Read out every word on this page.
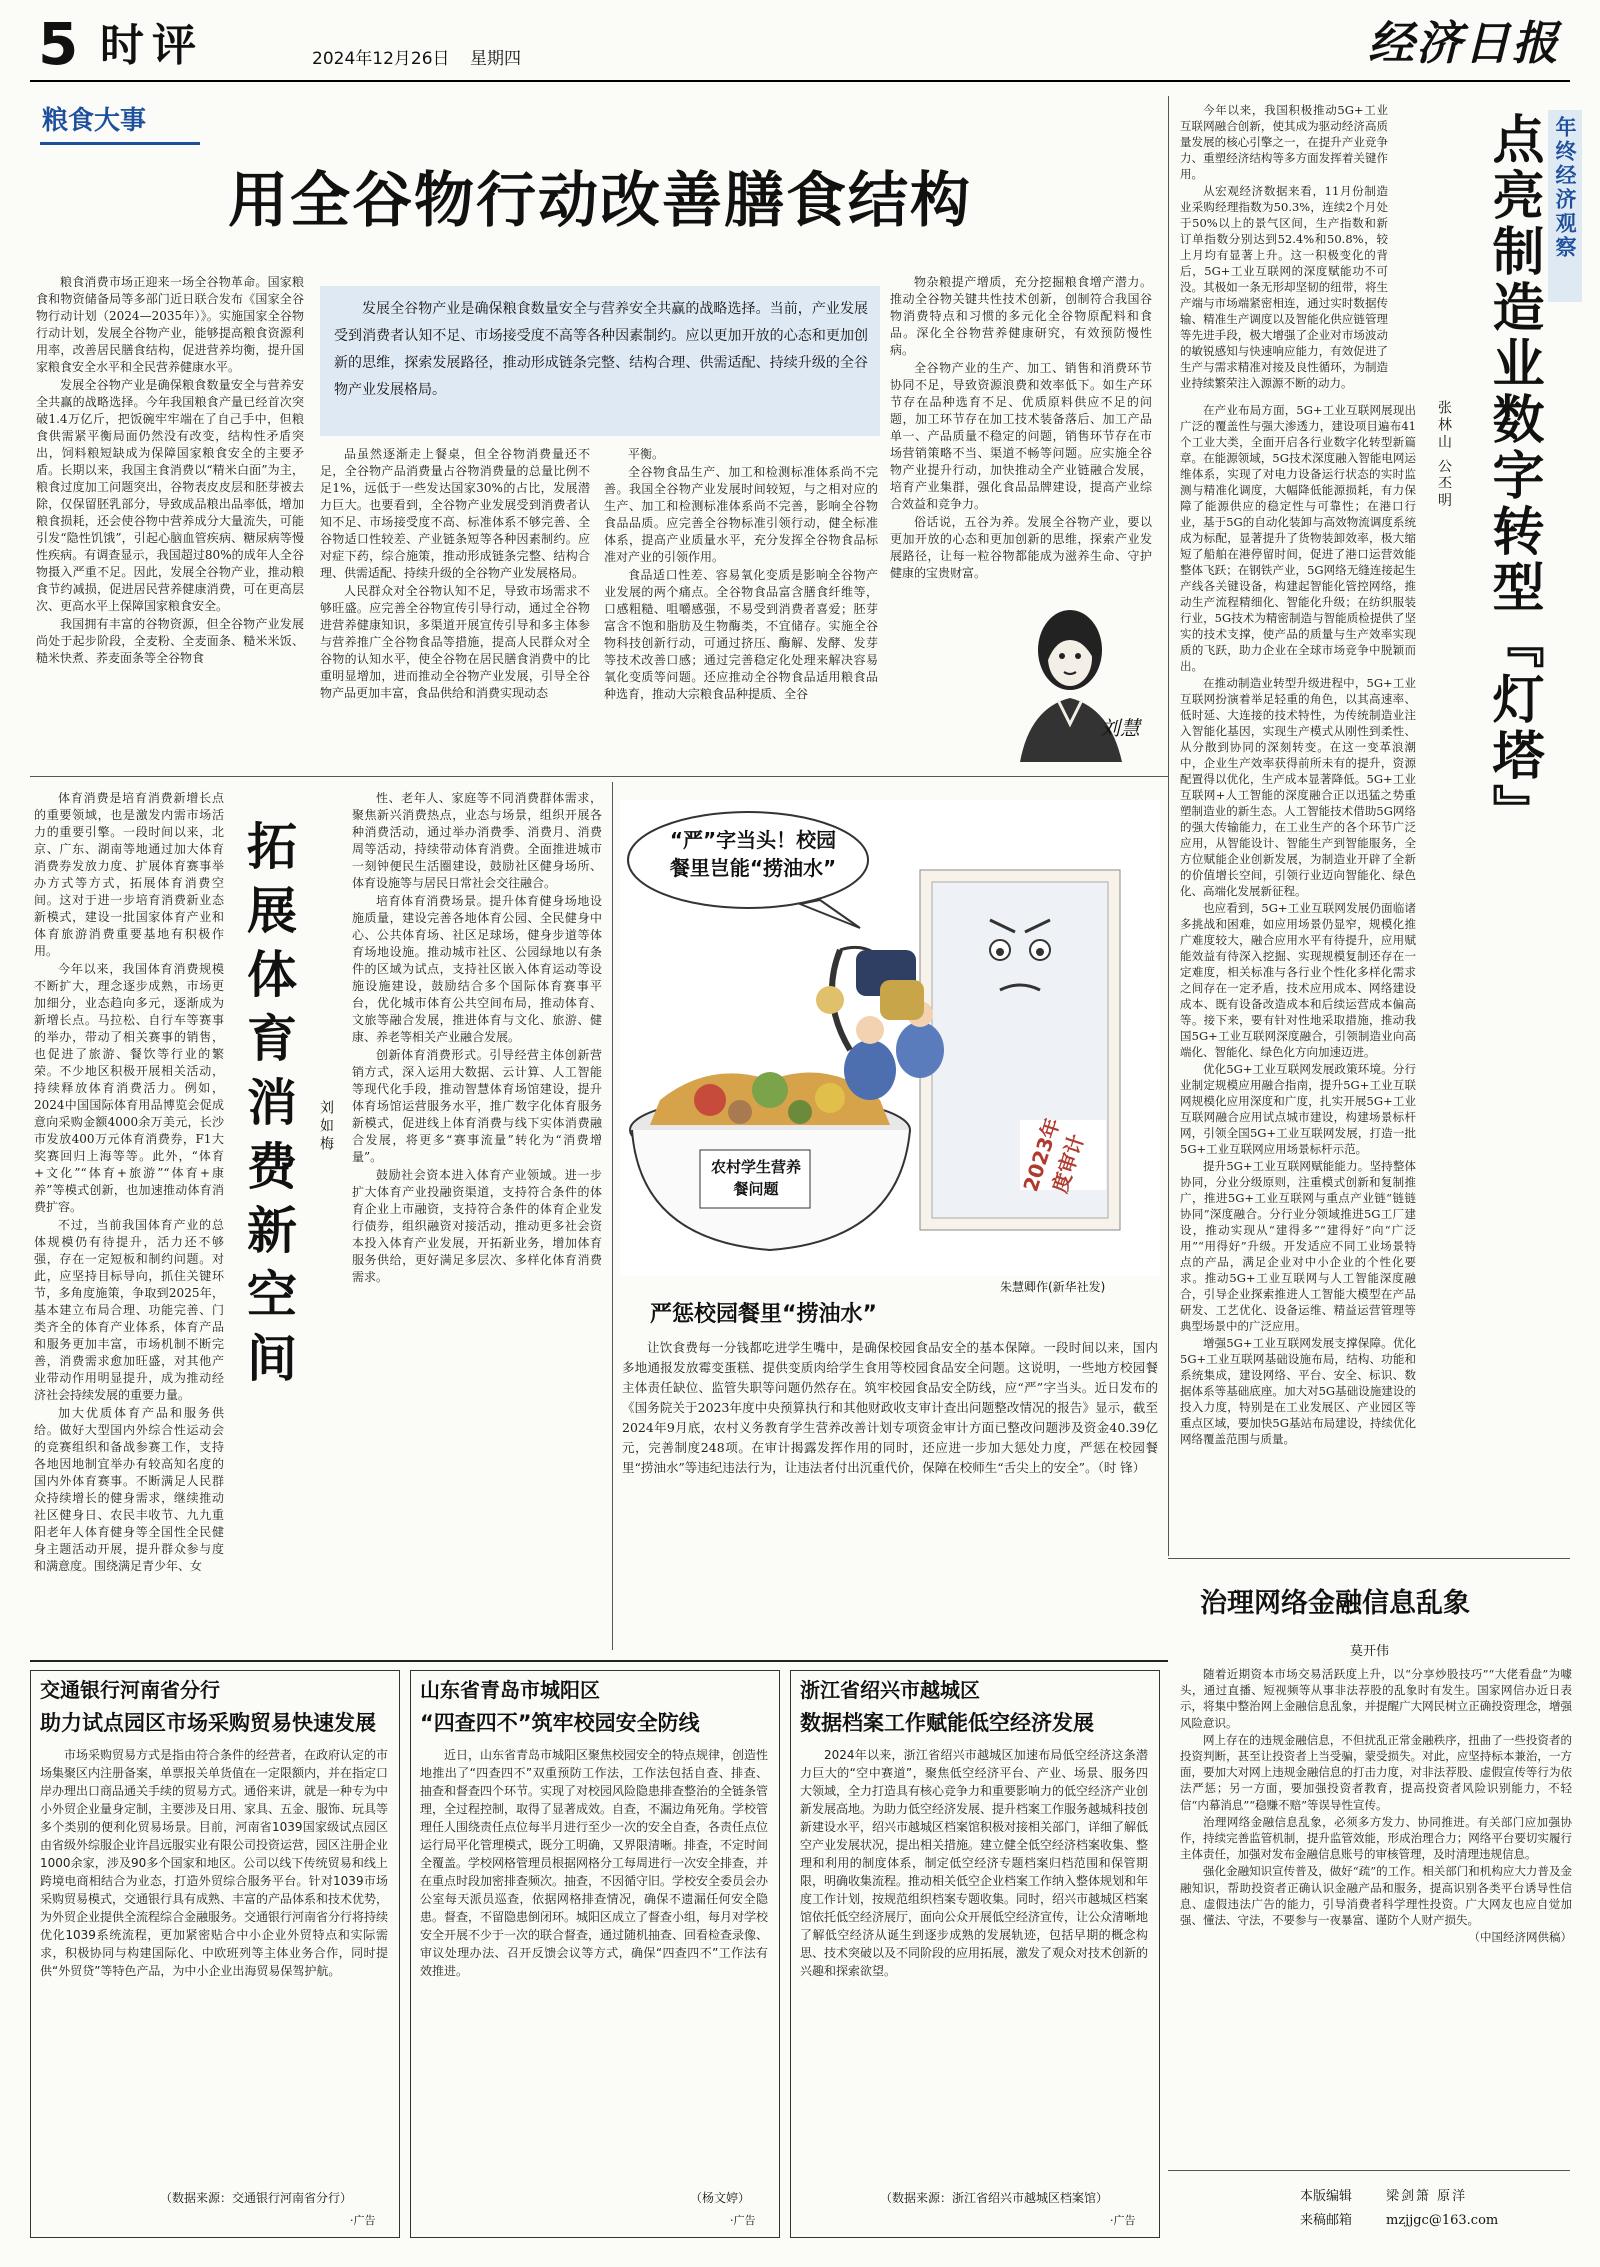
5 时评	2024年12月26日 星期四	经济日报
粮食大事
用全谷物行动改善膳食结构
发展全谷物产业是确保粮食数量安全与营养安全共赢的战略选择。当前，产业发展受到消费者认知不足、市场接受度不高等各种因素制约。应以更加开放的心态和更加创新的思维，探索发展路径，推动形成链条完整、结构合理、供需适配、持续升级的全谷物产业发展格局。

粮食消费市场正迎来一场全谷物革命。国家粮食和物资储备局等多部门近日联合发布《国家全谷物行动计划（2024—2035年）》。实施国家全谷物行动计划，发展全谷物产业，能够提高粮食资源利用率，改善居民膳食结构，促进营养均衡，提升国家粮食安全水平和全民营养健康水平。

发展全谷物产业是确保粮食数量安全与营养安全共赢的战略选择。今年我国粮食产量已经首次突破1.4万亿斤，把饭碗牢牢端在了自己手中，但粮食供需紧平衡局面仍然没有改变，结构性矛盾突出，饲料粮短缺成为保障国家粮食安全的主要矛盾。长期以来，我国主食消费以“精米白面”为主，粮食过度加工问题突出，谷物表皮皮层和胚芽被去除，仅保留胚乳部分，导致成品粮出品率低，增加粮食损耗，还会使谷物中营养成分大量流失，可能引发“隐性饥饿”，引起心脑血管疾病、糖尿病等慢性疾病。有调查显示，我国超过80%的成年人全谷物摄入严重不足。因此，发展全谷物产业，推动粮食节约减损，促进居民营养健康消费，可在更高层次、更高水平上保障国家粮食安全。

我国拥有丰富的谷物资源，但全谷物产业发展尚处于起步阶段，全麦粉、全麦面条、糙米米饭、糙米快煮、荞麦面条等全谷物食

品虽然逐渐走上餐桌，但全谷物消费量还不足，全谷物产品消费量占谷物消费量的总量比例不足1%，远低于一些发达国家30%的占比，发展潜力巨大。也要看到，全谷物产业发展受到消费者认知不足、市场接受度不高、标准体系不够完善、全谷物适口性较差、产业链条短等各种因素制约。应对症下药，综合施策，推动形成链条完整、结构合理、供需适配、持续升级的全谷物产业发展格局。

人民群众对全谷物认知不足，导致市场需求不够旺盛。应完善全谷物宣传引导行动，通过全谷物进营养健康知识，多渠道开展宣传引导和多主体参与营养推广全谷物食品等措施，提高人民群众对全谷物的认知水平，使全谷物在居民膳食消费中的比重明显增加，进而推动全谷物产业发展，引导全谷物产品更加丰富，食品供给和消费实现动态

平衡。

全谷物食品生产、加工和检测标准体系尚不完善。我国全谷物产业发展时间较短，与之相对应的生产、加工和检测标准体系尚不完善，影响全谷物食品品质。应完善全谷物标准引领行动，健全标准体系，提高产业质量水平，充分发挥全谷物食品标准对产业的引领作用。

食品适口性差、容易氧化变质是影响全谷物产业发展的两个痛点。全谷物食品富含膳食纤维等，口感粗糙、咀嚼感强，不易受到消费者喜爱；胚芽富含不饱和脂肪及生物酶类，不宜储存。实施全谷物科技创新行动，可通过挤压、酶解、发酵、发芽等技术改善口感；通过完善稳定化处理来解决容易氧化变质等问题。还应推动全谷物食品适用粮食品种选育，推动大宗粮食品种提质、全谷

物杂粮提产增质，充分挖掘粮食增产潜力。推动全谷物关键共性技术创新，创制符合我国谷物消费特点和习惯的多元化全谷物原配料和食品。深化全谷物营养健康研究，有效预防慢性病。

全谷物产业的生产、加工、销售和消费环节协同不足，导致资源浪费和效率低下。如生产环节存在品种选育不足、优质原料供应不足的问题，加工环节存在加工技术装备落后、加工产品单一、产品质量不稳定的问题，销售环节存在市场营销策略不当、渠道不畅等问题。应实施全谷物产业提升行动，加快推动全产业链融合发展，培育产业集群，强化食品品牌建设，提高产业综合效益和竞争力。

俗话说，五谷为养。发展全谷物产业，要以更加开放的心态和更加创新的思维，探索产业发展路径，让每一粒谷物都能成为滋养生命、守护健康的宝贵财富。

刘慧

今年以来，我国积极推动5G+工业互联网融合创新，使其成为驱动经济高质量发展的核心引擎之一，在提升产业竞争力、重塑经济结构等多方面发挥着关键作用。

从宏观经济数据来看，11月份制造业采购经理指数为50.3%，连续2个月处于50%以上的景气区间，生产指数和新订单指数分别达到52.4%和50.8%，较上月均有显著上升。这一积极变化的背后，5G+工业互联网的深度赋能功不可没。其极如一条无形却坚韧的纽带，将生产端与市场端紧密相连，通过实时数据传输、精准生产调度以及智能化供应链管理等先进手段，极大增强了企业对市场波动的敏锐感知与快速响应能力，有效促进了生产与需求精准对接及良性循环，为制造业持续繁荣注入源源不断的动力。	点亮制造业数字转型『灯塔』 年终经济观察
张林山 公丕明

在产业布局方面，5G+工业互联网展现出广泛的覆盖性与强大渗透力，建设项目遍布41个工业大类，全面开启各行业数字化转型新篇章。在能源领域，5G技术深度融入智能电网运维体系，实现了对电力设备运行状态的实时监测与精准化调度，大幅降低能源损耗，有力保障了能源供应的稳定性与可靠性；在港口行业，基于5G的自动化装卸与高效物流调度系统成为标配，显著提升了货物装卸效率，极大缩短了船舶在港停留时间，促进了港口运营效能整体飞跃；在钢铁产业，5G网络无缝连接起生产线各关键设备，构建起智能化管控网络，推动生产流程精细化、智能化升级；在纺织服装行业，5G技术为精密制造与智能质检提供了坚实的技术支撑，使产品的质量与生产效率实现质的飞跃，助力企业在全球市场竞争中脱颖而出。

在推动制造业转型升级进程中，5G+工业互联网扮演着举足轻重的角色，以其高速率、低时延、大连接的技术特性，为传统制造业注入智能化基因，实现生产模式从刚性到柔性、从分散到协同的深刻转变。在这一变革浪潮中，企业生产效率获得前所未有的提升，资源配置得以优化，生产成本显著降低。5G+工业互联网+人工智能的深度融合正以迅猛之势重塑制造业的新生态。人工智能技术借助5G网络的强大传输能力，在工业生产的各个环节广泛应用，从智能设计、智能生产到智能服务，全方位赋能企业创新发展，为制造业开辟了全新的价值增长空间，引领行业迈向智能化、绿色化、高端化发展新征程。

也应看到，5G+工业互联网发展仍面临诸多挑战和困难，如应用场景仍显窄，规模化推广难度较大，融合应用水平有待提升，应用赋能效益有待深入挖掘、实现规模复制还存在一定难度，相关标准与各行业个性化多样化需求之间存在一定矛盾，技术应用成本、网络建设成本、既有设备改造成本和后续运营成本偏高等。接下来，要有针对性地采取措施，推动我国5G+工业互联网深度融合，引领制造业向高端化、智能化、绿色化方向加速迈进。

优化5G+工业互联网发展政策环境。分行业制定规模应用融合指南，提升5G+工业互联网规模化应用深度和广度，扎实开展5G+工业互联网融合应用试点城市建设，构建场景标杆网，引领全国5G+工业互联网发展，打造一批5G+工业互联网应用场景标杆示范。

提升5G+工业互联网赋能能力。坚持整体协同，分业分级原则，注重模式创新和复制推广，推进5G+工业互联网与重点产业链“链链协同”深度融合。分行业分领域推进5G工厂建设，推动实现从“建得多”“建得好”向“广泛用”“用得好”升级。开发适应不同工业场景特点的产品，满足企业对中小企业的个性化要求。推动5G+工业互联网与人工智能深度融合，引导企业探索推进人工智能大模型在产品研发、工艺优化、设备运维、精益运营管理等典型场景中的广泛应用。

增强5G+工业互联网发展支撑保障。优化5G+工业互联网基础设施布局，结构、功能和系统集成，建设网络、平台、安全、标识、数据体系等基础底座。加大对5G基础设施建设的投入力度，特别是在工业发展区、产业园区等重点区域，要加快5G基站布局建设，持续优化网络覆盖范围与质量。

拓展体育消费新空间 刘如梅

体育消费是培育消费新增长点的重要领域，也是激发内需市场活力的重要引擎。一段时间以来，北京、广东、湖南等地通过加大体育消费券发放力度、扩展体育赛事举办方式等方式，拓展体育消费空间。这对于进一步培育消费新业态新模式，建设一批国家体育产业和体育旅游消费重要基地有积极作用。

今年以来，我国体育消费规模不断扩大，理念逐步成熟，市场更加细分，业态趋向多元，逐渐成为新增长点。马拉松、自行车等赛事的举办，带动了相关赛事的销售，也促进了旅游、餐饮等行业的繁荣。不少地区积极开展相关活动，持续释放体育消费活力。例如，2024中国国际体育用品博览会促成意向采购金额4000余万美元，长沙市发放400万元体育消费券，F1大奖赛回归上海等等。此外，“体育+文化”“体育+旅游”“体育+康养”等模式创新，也加速推动体育消费扩容。

不过，当前我国体育产业的总体规模仍有待提升，活力还不够强，存在一定短板和制约问题。对此，应坚持目标导向，抓住关键环节，多角度施策，争取到2025年，基本建立布局合理、功能完善、门类齐全的体育产业体系，体育产品和服务更加丰富，市场机制不断完善，消费需求愈加旺盛，对其他产业带动作用明显提升，成为推动经济社会持续发展的重要力量。

加大优质体育产品和服务供给。做好大型国内外综合性运动会的竞赛组织和备战参赛工作，支持各地因地制宜举办有较高知名度的国内外体育赛事。不断满足人民群众持续增长的健身需求，继续推动社区健身日、农民丰收节、九九重阳老年人体育健身等全国性全民健身主题活动开展，提升群众参与度和满意度。围绕满足青少年、女

性、老年人、家庭等不同消费群体需求，聚焦新兴消费热点，业态与场景，组织开展各种消费活动，通过举办消费季、消费月、消费周等活动，持续带动体育消费。全面推进城市一刻钟便民生活圈建设，鼓励社区健身场所、体育设施等与居民日常社会交往融合。

培育体育消费场景。提升体育健身场地设施质量，建设完善各地体育公园、全民健身中心、公共体育场、社区足球场，健身步道等体育场地设施。推动城市社区、公园绿地以有条件的区域为试点，支持社区嵌入体育运动等设施设施建设，鼓励结合多个国际体育赛事平台，优化城市体育公共空间布局，推动体育、文旅等融合发展，推进体育与文化、旅游、健康、养老等相关产业融合发展。

创新体育消费形式。引导经营主体创新营销方式，深入运用大数据、云计算、人工智能等现代化手段，推动智慧体育场馆建设，提升体育场馆运营服务水平，推广数字化体育服务新模式，促进线上体育消费与线下实体消费融合发展，将更多“赛事流量”转化为“消费增量”。

鼓励社会资本进入体育产业领域。进一步扩大体育产业投融资渠道，支持符合条件的体育企业上市融资，支持符合条件的体育企业发行债券，组织融资对接活动，推动更多社会资本投入体育产业发展，开拓新业务，增加体育服务供给，更好满足多层次、多样化体育消费需求。

“严”字当头！校园餐里岂能“捞油水”
农村学生营养餐问题	2023年度审计
朱慧卿作(新华社发)
严惩校园餐里“捞油水”
让饮食费每一分钱都吃进学生嘴中，是确保校园食品安全的基本保障。一段时间以来，国内多地通报发放霉变蛋糕、提供变质肉给学生食用等校园食品安全问题。这说明，一些地方校园餐主体责任缺位、监管失职等问题仍然存在。筑牢校园食品安全防线，应“严”字当头。近日发布的《国务院关于2023年度中央预算执行和其他财政收支审计查出问题整改情况的报告》显示，截至2024年9月底，农村义务教育学生营养改善计划专项资金审计方面已整改问题涉及资金40.39亿元，完善制度248项。在审计揭露发挥作用的同时，还应进一步加大惩处力度，严惩在校园餐里“捞油水”等违纪违法行为，让违法者付出沉重代价，保障在校师生“舌尖上的安全”。（时 锋）
治理网络金融信息乱象
莫开伟

随着近期资本市场交易活跃度上升，以“分享炒股技巧”“大佬看盘”为噱头，通过直播、短视频等从事非法荐股的乱象时有发生。国家网信办近日表示，将集中整治网上金融信息乱象，并提醒广大网民树立正确投资理念，增强风险意识。

网上存在的违规金融信息，不但扰乱正常金融秩序，扭曲了一些投资者的投资判断，甚至让投资者上当受骗，蒙受损失。对此，应坚持标本兼治，一方面，要加大对网上违规金融信息的打击力度，对非法荐股、虚假宣传等行为依法严惩；另一方面，要加强投资者教育，提高投资者风险识别能力，不轻信“内幕消息”“稳赚不赔”等误导性宣传。

治理网络金融信息乱象，必须多方发力、协同推进。有关部门应加强协作，持续完善监管机制，提升监管效能，形成治理合力；网络平台要切实履行主体责任，加强对发布金融信息账号的审核管理，及时清理违规信息。

强化金融知识宣传普及，做好“疏”的工作。相关部门和机构应大力普及金融知识，帮助投资者正确认识金融产品和服务，提高识别各类平台诱导性信息、虚假违法广告的能力，引导消费者科学理性投资。广大网友也应自觉加强、懂法、守法，不要参与一夜暴富、谨防个人财产损失。

（中国经济网供稿）
交通银行河南省分行
助力试点园区市场采购贸易快速发展
市场采购贸易方式是指由符合条件的经营者，在政府认定的市场集聚区内注册备案，单票报关单货值在一定限额内，并在指定口岸办理出口商品通关手续的贸易方式。通俗来讲，就是一种专为中小外贸企业量身定制，主要涉及日用、家具、五金、服饰、玩具等多个类别的便利化贸易场景。目前，河南省1039国家级试点园区由省级外综服企业许昌远服实业有限公司投资运营，园区注册企业1000余家，涉及90多个国家和地区。公司以线下传统贸易和线上跨境电商相结合为业态，打造外贸综合服务平台。针对1039市场采购贸易模式，交通银行具有成熟、丰富的产品体系和技术优势，为外贸企业提供全流程综合金融服务。交通银行河南省分行将持续优化1039系统流程，更加紧密贴合中小企业外贸特点和实际需求，积极协同与构建国际化、中欧班列等主体业务合作，同时提供“外贸贷”等特色产品，为中小企业出海贸易保驾护航。
（数据来源：交通银行河南省分行）
·广告
山东省青岛市城阳区
“四查四不”筑牢校园安全防线
近日，山东省青岛市城阳区聚焦校园安全的特点规律，创造性地推出了“四查四不”双重预防工作法，工作法包括自查、排查、抽查和督查四个环节。实现了对校园风险隐患排查整治的全链条管理，全过程控制，取得了显著成效。自查，不漏边角死角。学校管理任人围绕责任点位每半月进行至少一次的安全自查，各责任点位运行局平化管理模式，既分工明确，又界限清晰。排查，不定时间全覆盖。学校网格管理员根据网格分工每周进行一次安全排查，并在重点时段加密排查频次。抽查，不因循守旧。学校安全委员会办公室每天派员巡查，依据网格排查情况，确保不遗漏任何安全隐患。督查，不留隐患倒闭环。城阳区成立了督查小组，每月对学校安全开展不少于一次的联合督查，通过随机抽查、回看检查录像、审议处理办法、召开反馈会议等方式，确保“四查四不”工作法有效推进。
（杨文婷）
·广告
浙江省绍兴市越城区
数据档案工作赋能低空经济发展
2024年以来，浙江省绍兴市越城区加速布局低空经济这条潜力巨大的“空中赛道”，聚焦低空经济平台、产业、场景、服务四大领域，全力打造具有核心竞争力和重要影响力的低空经济产业创新发展高地。为助力低空经济发展、提升档案工作服务越城科技创新建设水平，绍兴市越城区档案馆积极对接相关部门，详细了解低空产业发展状况，提出相关措施。建立健全低空经济档案收集、整理和利用的制度体系，制定低空经济专题档案归档范围和保管期限，明确收集流程。推动相关低空企业档案工作纳入整体规划和年度工作计划，按规范组织档案专题收集。同时，绍兴市越城区档案馆依托低空经济展厅，面向公众开展低空经济宣传，让公众清晰地了解低空经济从诞生到逐步成熟的发展轨迹，包括早期的概念构思、技术突破以及不同阶段的应用拓展，激发了观众对技术创新的兴趣和探索欲望。
（数据来源：浙江省绍兴市越城区档案馆）
·广告
本版编辑	梁剑箫 原洋
来稿邮箱	mzjjgc@163.com
